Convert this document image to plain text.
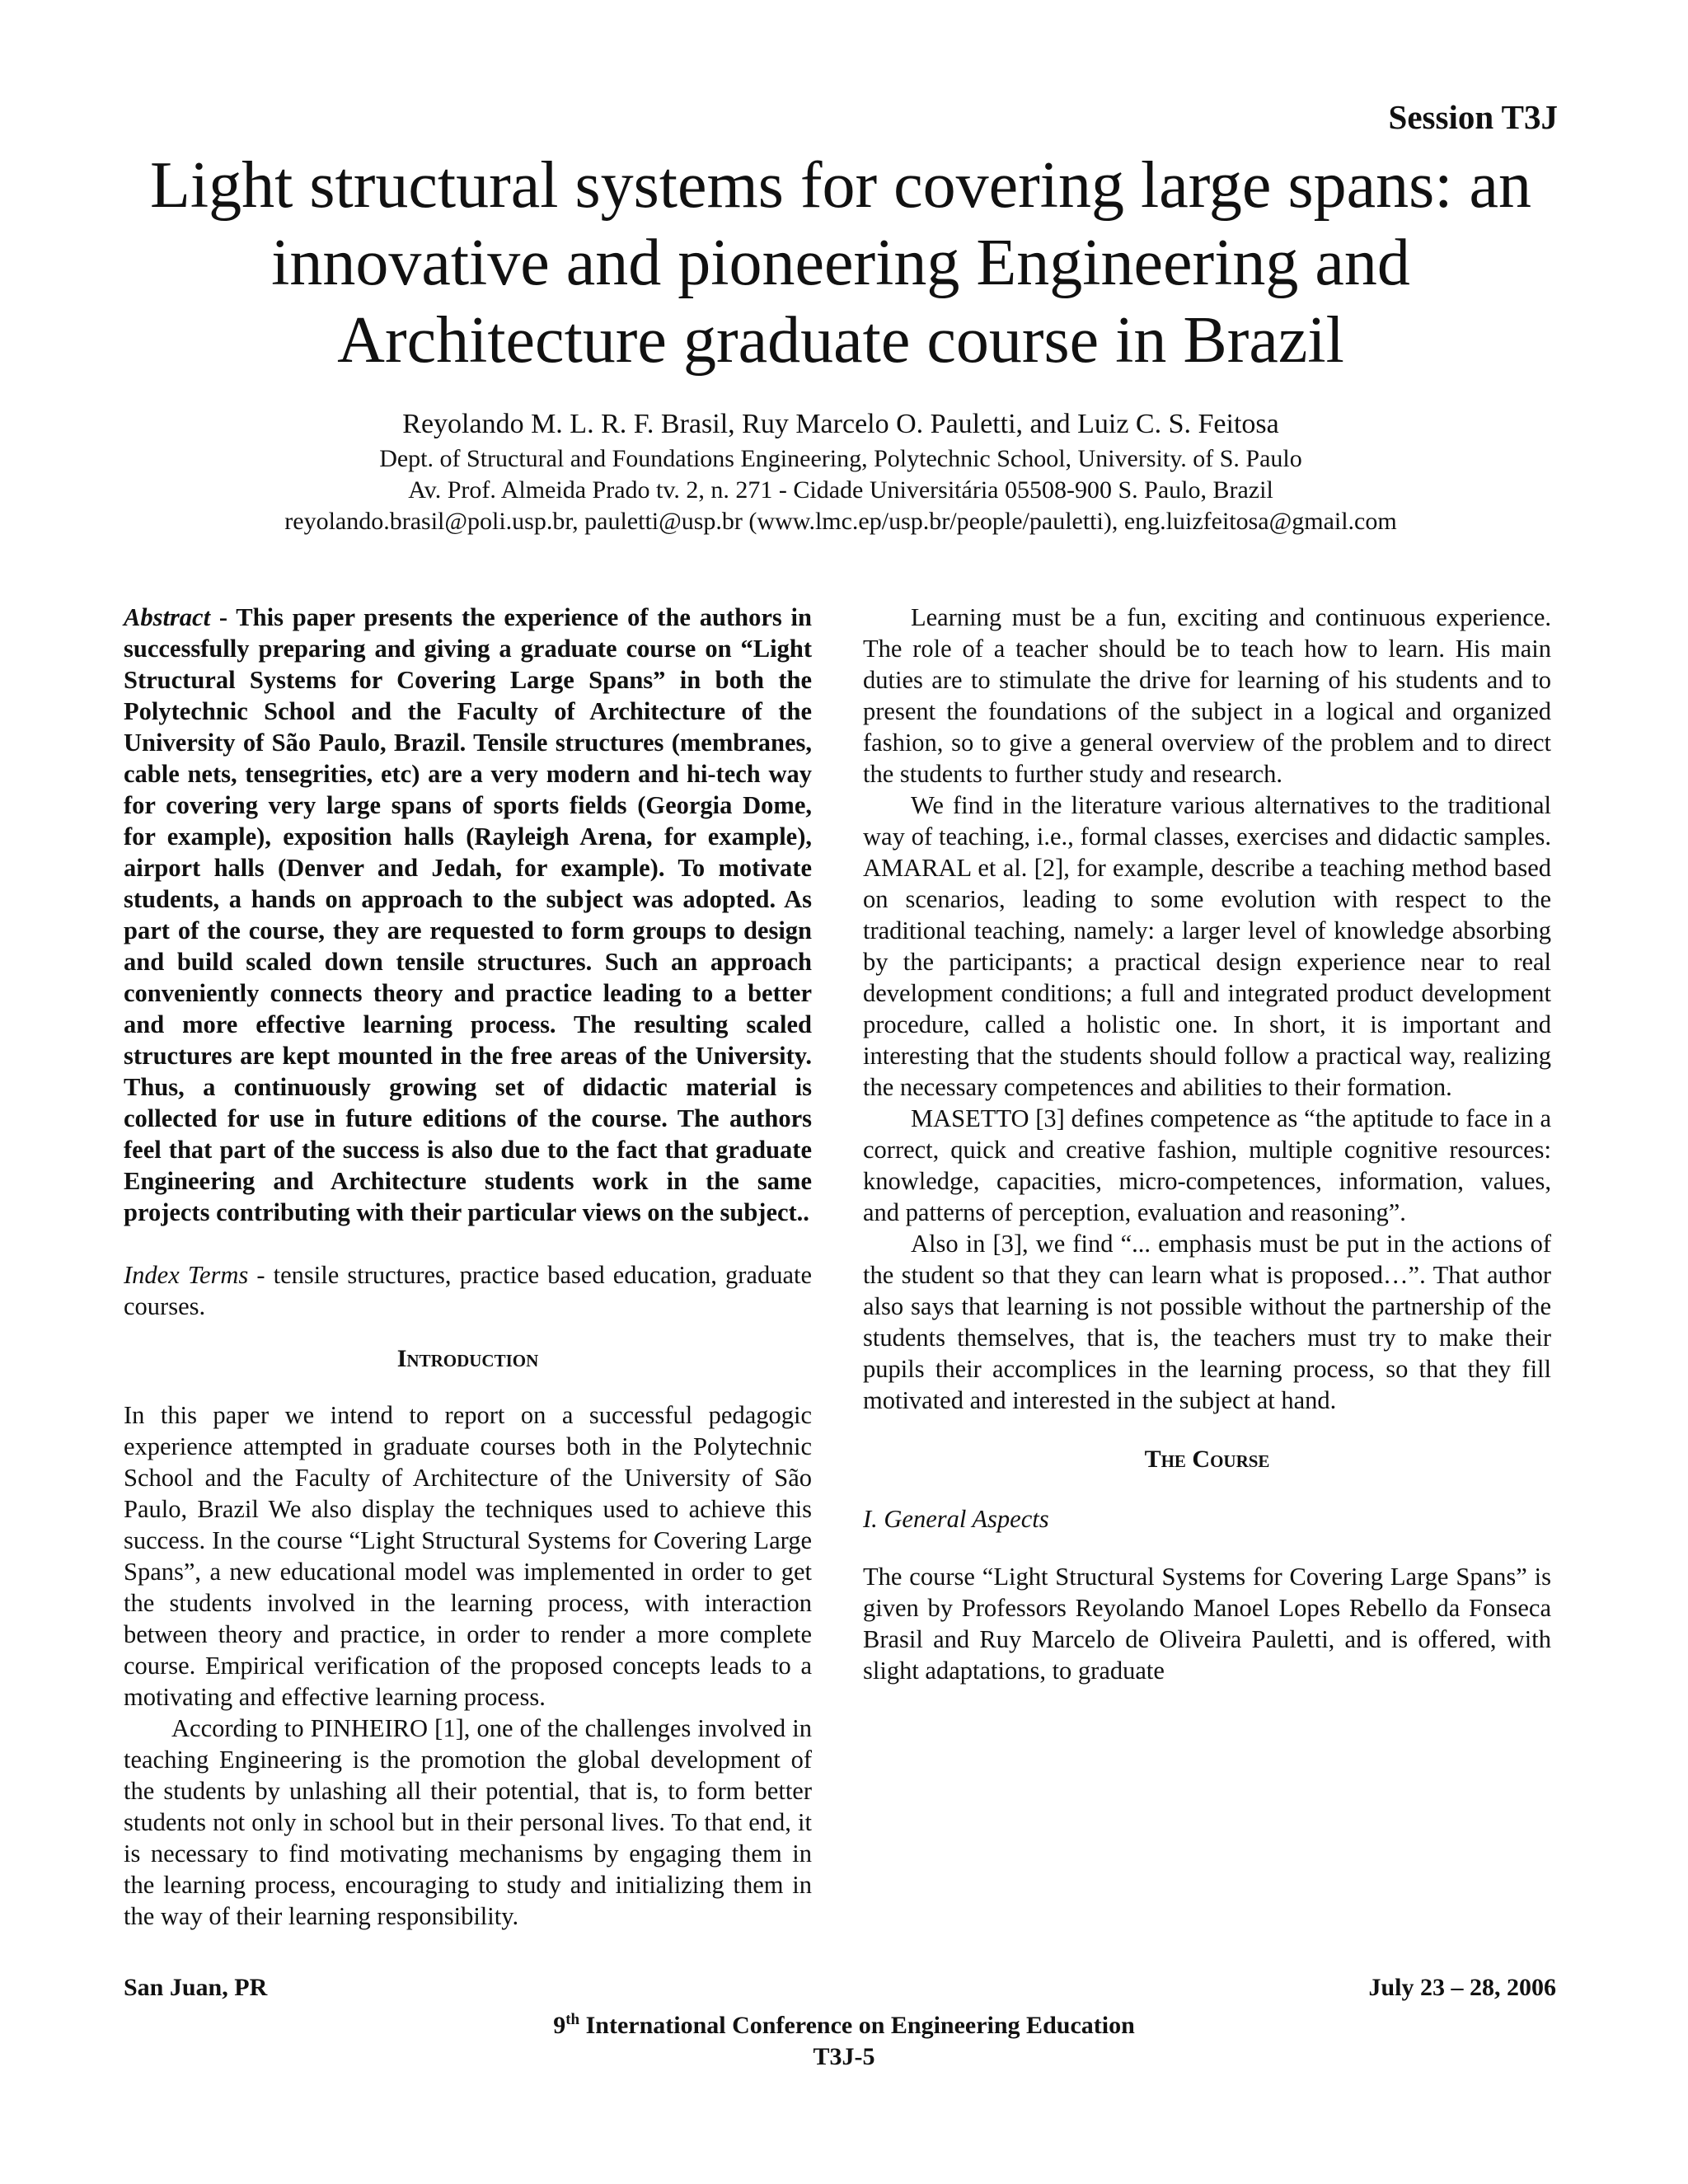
Session T3J
Light structural systems for covering large spans: an
innovative and pioneering Engineering and
Architecture graduate course in Brazil
Reyolando M. L. R. F. Brasil, Ruy Marcelo O. Pauletti, and Luiz C. S. Feitosa
Dept. of Structural and Foundations Engineering, Polytechnic School, University. of S. Paulo
Av. Prof. Almeida Prado tv. 2, n. 271 - Cidade Universitária 05508-900 S. Paulo, Brazil
reyolando.brasil@poli.usp.br, pauletti@usp.br (www.lmc.ep/usp.br/people/pauletti), eng.luizfeitosa@gmail.com

Abstract - This paper presents the experience of the authors in successfully preparing and giving a graduate course on “Light Structural Systems for Covering Large Spans” in both the Polytechnic School and the Faculty of Architecture of the University of São Paulo, Brazil. Tensile structures (membranes, cable nets, tensegrities, etc) are a very modern and hi-tech way for covering very large spans of sports fields (Georgia Dome, for example), exposition halls (Rayleigh Arena, for example), airport halls (Denver and Jedah, for example). To motivate students, a hands on approach to the subject was adopted. As part of the course, they are requested to form groups to design and build scaled down tensile structures. Such an approach conveniently connects theory and practice leading to a better and more effective learning process. The resulting scaled structures are kept mounted in the free areas of the University. Thus, a continuously growing set of didactic material is collected for use in future editions of the course. The authors feel that part of the success is also due to the fact that graduate Engineering and Architecture students work in the same projects contributing with their particular views on the subject..

Index Terms - tensile structures, practice based education, graduate courses.

Introduction

In this paper we intend to report on a successful pedagogic experience attempted in graduate courses both in the Polytechnic School and the Faculty of Architecture of the University of São Paulo, Brazil We also display the techniques used to achieve this success. In the course “Light Structural Systems for Covering Large Spans”, a new educational model was implemented in order to get the students involved in the learning process, with interaction between theory and practice, in order to render a more complete course. Empirical verification of the proposed concepts leads to a motivating and effective learning process.

According to PINHEIRO [1], one of the challenges involved in teaching Engineering is the promotion the global development of the students by unlashing all their potential, that is, to form better students not only in school but in their personal lives. To that end, it is necessary to find motivating mechanisms by engaging them in the learning process, encouraging to study and initializing them in the way of their learning responsibility.

Learning must be a fun, exciting and continuous experience. The role of a teacher should be to teach how to learn. His main duties are to stimulate the drive for learning of his students and to present the foundations of the subject in a logical and organized fashion, so to give a general overview of the problem and to direct the students to further study and research.

We find in the literature various alternatives to the traditional way of teaching, i.e., formal classes, exercises and didactic samples. AMARAL et al. [2], for example, describe a teaching method based on scenarios, leading to some evolution with respect to the traditional teaching, namely: a larger level of knowledge absorbing by the participants; a practical design experience near to real development conditions; a full and integrated product development procedure, called a holistic one. In short, it is important and interesting that the students should follow a practical way, realizing the necessary competences and abilities to their formation.

MASETTO [3] defines competence as “the aptitude to face in a correct, quick and creative fashion, multiple cognitive resources: knowledge, capacities, micro-competences, information, values, and patterns of perception, evaluation and reasoning”.

Also in [3], we find “... emphasis must be put in the actions of the student so that they can learn what is proposed…”. That author also says that learning is not possible without the partnership of the students themselves, that is, the teachers must try to make their pupils their accomplices in the learning process, so that they fill motivated and interested in the subject at hand.

The Course

I. General Aspects

The course “Light Structural Systems for Covering Large Spans” is given by Professors Reyolando Manoel Lopes Rebello da Fonseca Brasil and Ruy Marcelo de Oliveira Pauletti, and is offered, with slight adaptations, to graduate

San Juan, PR	July 23 – 28, 2006
9th International Conference on Engineering Education
T3J-5
